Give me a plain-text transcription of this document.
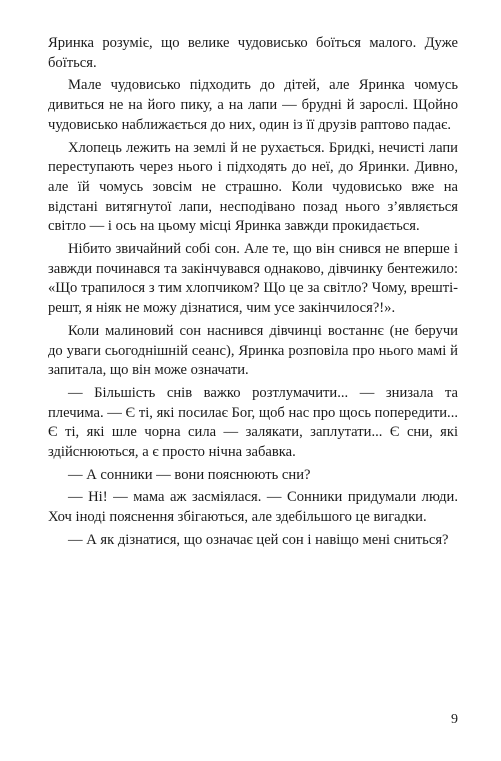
Яринка розуміє, що велике чудовисько боїться малого. Дуже боїться.

Мале чудовисько підходить до дітей, але Яринка чомусь дивиться не на його пику, а на лапи — брудні й зарослі. Щойно чудовисько наближається до них, один із її друзів раптово падає.

Хлопець лежить на землі й не рухається. Бридкі, нечисті лапи переступають через нього і підходять до неї, до Яринки. Дивно, але їй чомусь зовсім не страшно. Коли чудовисько вже на відстані витягнутої лапи, несподівано позад нього з’являється світло — і ось на цьому місці Яринка завжди прокидається.

Нібито звичайний собі сон. Але те, що він снився не вперше і завжди починався та закінчувався однаково, дівчинку бентежило: «Що трапилося з тим хлопчиком? Що це за світло? Чому, врешті-решт, я ніяк не можу дізнатися, чим усе закінчилося?!».

Коли малиновий сон наснився дівчинці востаннє (не беручи до уваги сьогоднішній сеанс), Яринка розповіла про нього мамі й запитала, що він може означати.

— Більшість снів важко розтлумачити... — знизала та плечима. — Є ті, які посилає Бог, щоб нас про щось попередити... Є ті, які шле чорна сила — залякати, заплутати... Є сни, які здійснюються, а є просто нічна забавка.

— А сонники — вони пояснюють сни?

— Ні! — мама аж засміялася. — Сонники придумали люди. Хоч іноді пояснення збігаються, але здебільшого це вигадки.

— А як дізнатися, що означає цей сон і навіщо мені сниться?

9
